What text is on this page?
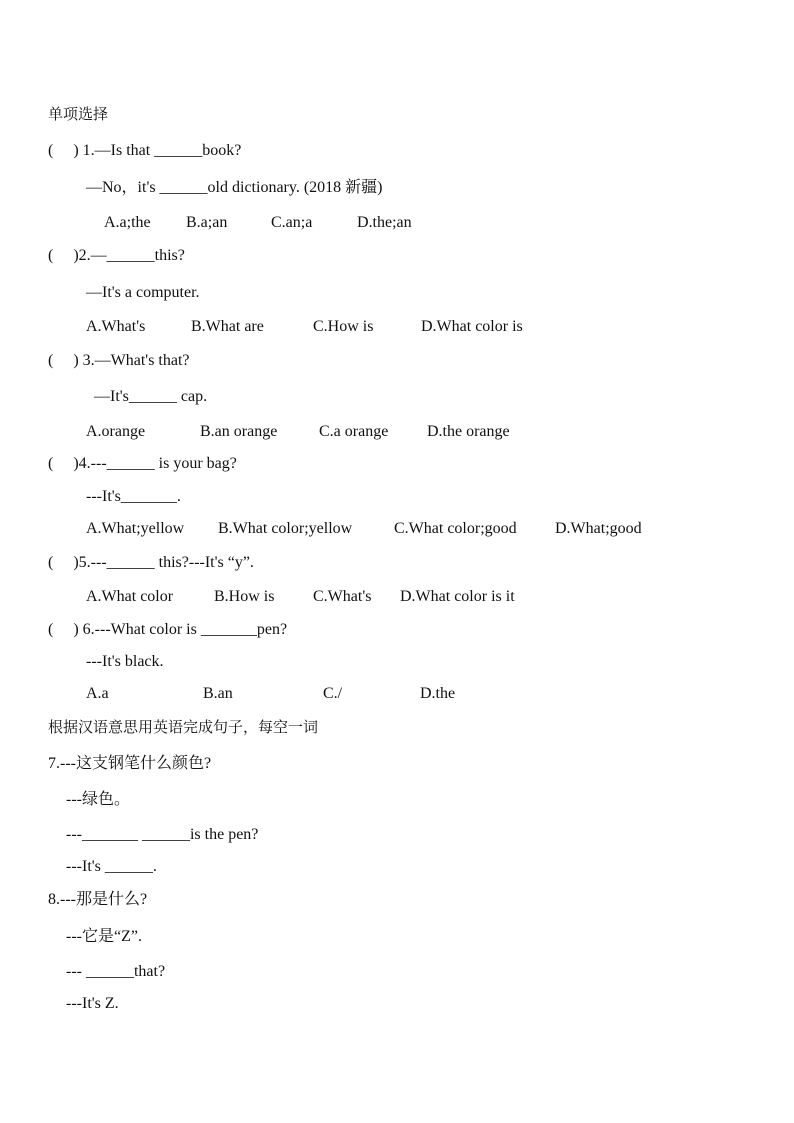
单项选择
(     ) 1.—Is that ______book?
—No，it's ______old dictionary. (2018 新疆)
A.a;the B.a;an	C.an;a	D.the;an
(     )2.—______this?
—It's a computer.
A.What's	B.What are	C.How is	D.What color is
(     ) 3.—What's that?
—It's______ cap.
A.orange	B.an orange	C.a orange D.the orange
(     )4.---______ is your bag?
---It's_______.
A.What;yellow B.What color;yellow	C.What color;good D.What;good
(     )5.---______ this?---It's “y”.
A.What color	B.How is C.What's D.What color is it
(     ) 6.---What color is _______pen?
---It's black.
A.a	B.an	C./	D.the
根据汉语意思用英语完成句子，每空一词
7.---这支钢笔什么颜色?
---绿色。
---_______ ______is the pen?
---It's ______.
8.---那是什么?
---它是“Z”.
--- ______that?
---It's Z.
